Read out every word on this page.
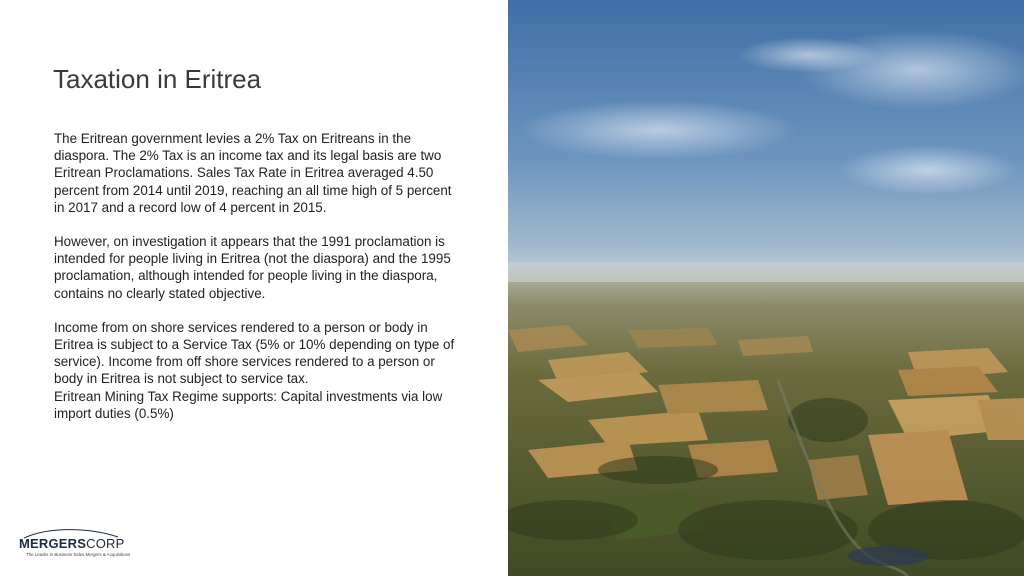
Taxation in Eritrea

The Eritrean government levies a 2% Tax on Eritreans in the diaspora. The 2% Tax is an income tax and its legal basis are two Eritrean Proclamations. Sales Tax Rate in Eritrea averaged 4.50 percent from 2014 until 2019, reaching an all time high of 5 percent in 2017 and a record low of 4 percent in 2015.

However, on investigation it appears that the 1991 proclamation is intended for people living in Eritrea (not the diaspora) and the 1995 proclamation, although intended for people living in the diaspora, contains no clearly stated objective.

Income from on shore services rendered to a person or body in Eritrea is subject to a Service Tax (5% or 10% depending on type of service). Income from off shore services rendered to a person or body in Eritrea is not subject to service tax.

Eritrean Mining Tax Regime supports: Capital investments via low import duties (0.5%)

MERGERSCORP
The Leader in Business Sales Mergers & Acquisitions
